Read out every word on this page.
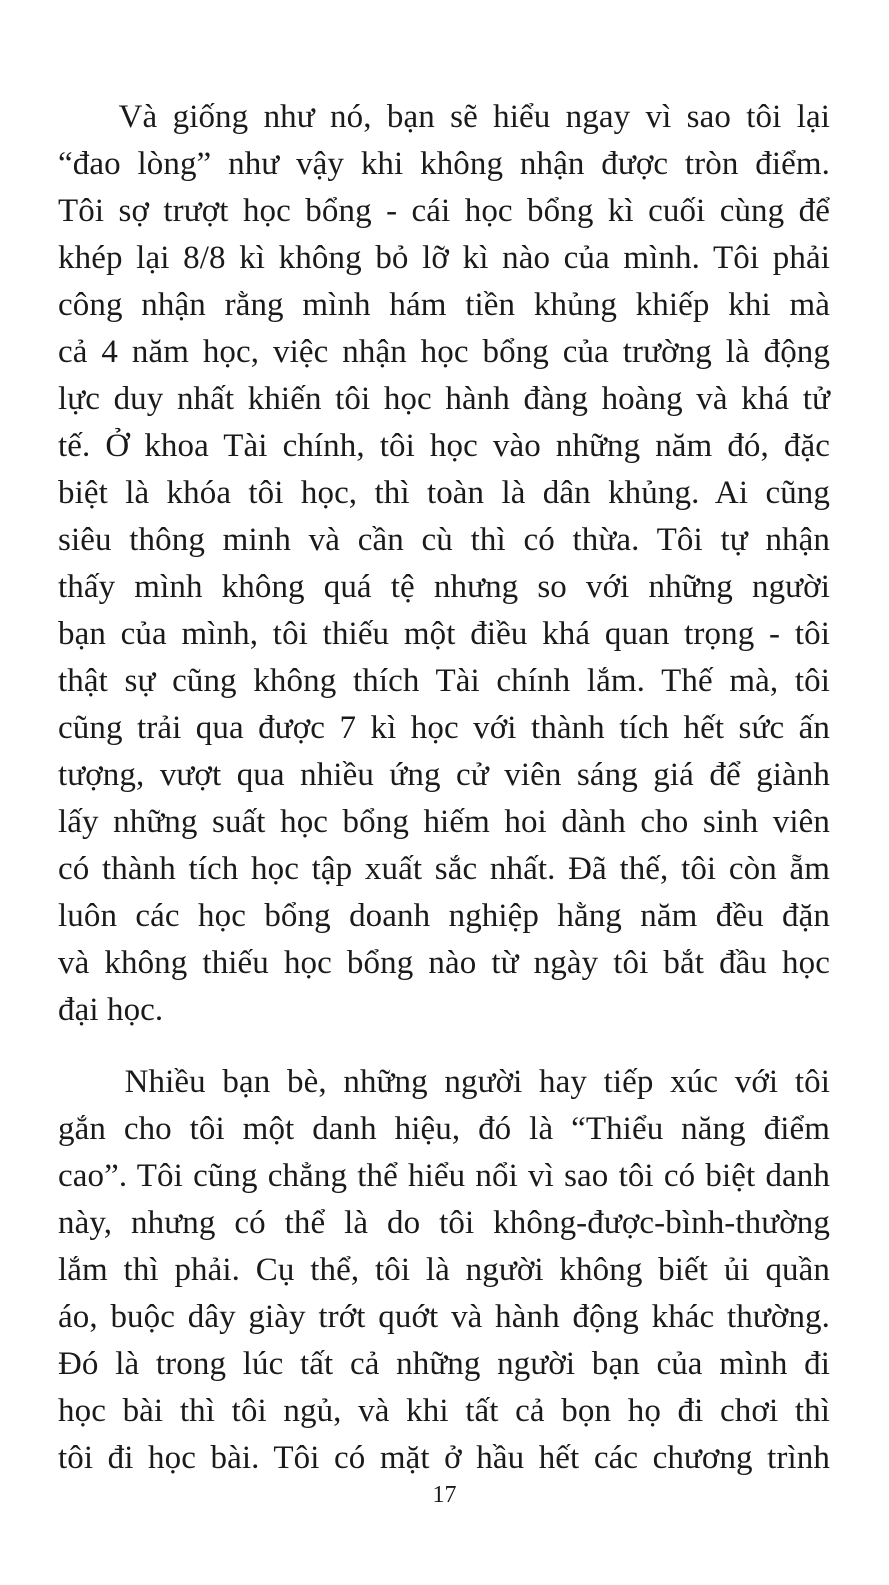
Và giống như nó, bạn sẽ hiểu ngay vì sao tôi lại
“đao lòng” như vậy khi không nhận được tròn điểm.
Tôi sợ trượt học bổng - cái học bổng kì cuối cùng để
khép lại 8/8 kì không bỏ lỡ kì nào của mình. Tôi phải
công nhận rằng mình hám tiền khủng khiếp khi mà
cả 4 năm học, việc nhận học bổng của trường là động
lực duy nhất khiến tôi học hành đàng hoàng và khá tử
tế. Ở khoa Tài chính, tôi học vào những năm đó, đặc
biệt là khóa tôi học, thì toàn là dân khủng. Ai cũng
siêu thông minh và cần cù thì có thừa. Tôi tự nhận
thấy mình không quá tệ nhưng so với những người
bạn của mình, tôi thiếu một điều khá quan trọng - tôi
thật sự cũng không thích Tài chính lắm. Thế mà, tôi
cũng trải qua được 7 kì học với thành tích hết sức ấn
tượng, vượt qua nhiều ứng cử viên sáng giá để giành
lấy những suất học bổng hiếm hoi dành cho sinh viên
có thành tích học tập xuất sắc nhất. Đã thế, tôi còn ẵm
luôn các học bổng doanh nghiệp hằng năm đều đặn
và không thiếu học bổng nào từ ngày tôi bắt đầu học
đại học.
Nhiều bạn bè, những người hay tiếp xúc với tôi
gắn cho tôi một danh hiệu, đó là “Thiểu năng điểm
cao”. Tôi cũng chẳng thể hiểu nổi vì sao tôi có biệt danh
này, nhưng có thể là do tôi không-được-bình-thường
lắm thì phải. Cụ thể, tôi là người không biết ủi quần
áo, buộc dây giày trớt quớt và hành động khác thường.
Đó là trong lúc tất cả những người bạn của mình đi
học bài thì tôi ngủ, và khi tất cả bọn họ đi chơi thì
tôi đi học bài. Tôi có mặt ở hầu hết các chương trình
17
